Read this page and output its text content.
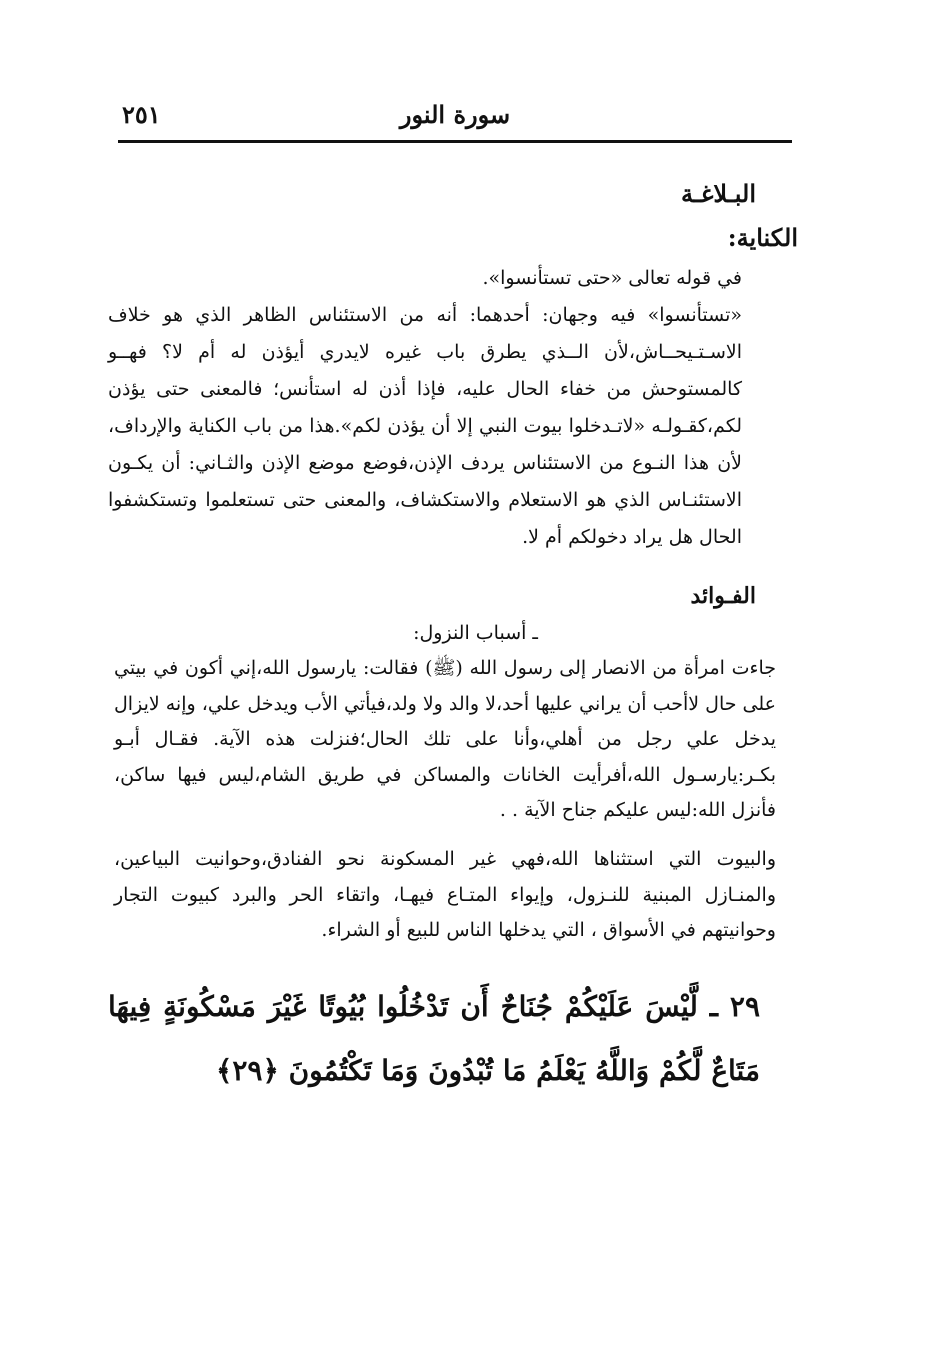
٢٥١	سورة النور
البـلاغـة
الكناية:

في قوله تعالى «حتى تستأنسوا».

«تستأنسوا» فيه وجهان: أحدهما: أنه من الاستئناس الظاهر الذي هو خلاف الاسـتـيحــاش،لأن الــذي يطرق باب غيره لايدري أيؤذن له أم لا؟ فهــو كالمستوحش من خفاء الحال عليه، فإذا أذن له استأنس؛ فالمعنى حتى يؤذن لكم،كقـولـه «لاتـدخلوا بيوت النبي إلا أن يؤذن لكم».هذا من باب الكناية والإرداف، لأن هذا النـوع من الاستئناس يردف الإذن،فوضع موضع الإذن والثـاني: أن يكـون الاستئنـاس الذي هو الاستعلام والاستكشاف، والمعنى حتى تستعلموا وتستكشفوا الحال هل يراد دخولكم أم لا.

الفـوائد

ـ أسباب النزول:

جاءت امرأة من الانصار إلى رسول الله (ﷺ) فقالت: يارسول الله،إني أكون في بيتي على حال لاأحب أن يراني عليها أحد،لا والد ولا ولد،فيأتي الأب ويدخل علي، وإنه لايزال يدخل علي رجل من أهلي،وأنا على تلك الحال؛فنزلت هذه الآية. فقـال أبـو بكـر:يارسـول الله،أفرأيت الخانات والمساكن في طريق الشام،ليس فيها ساكن، فأنزل الله:ليس عليكم جناح الآية . .

والبيوت التي استثناها الله،فهي غير المسكونة نحو الفنادق،وحوانيت البياعين، والمنـازل المبنية للنـزول، وإيواء المتـاع فيهـا، واتقاء الحر والبرد كبيوت التجار وحوانيتهم في الأسواق ، التي يدخلها الناس للبيع أو الشراء.

٢٩ ـ لَّيْسَ عَلَيْكُمْ جُنَاحٌ أَن تَدْخُلُوا بُيُوتًا غَيْرَ مَسْكُونَةٍ فِيهَا مَتَاعٌ لَّكُمْ وَاللَّهُ يَعْلَمُ مَا تُبْدُونَ وَمَا تَكْتُمُونَ ﴿٢٩﴾
